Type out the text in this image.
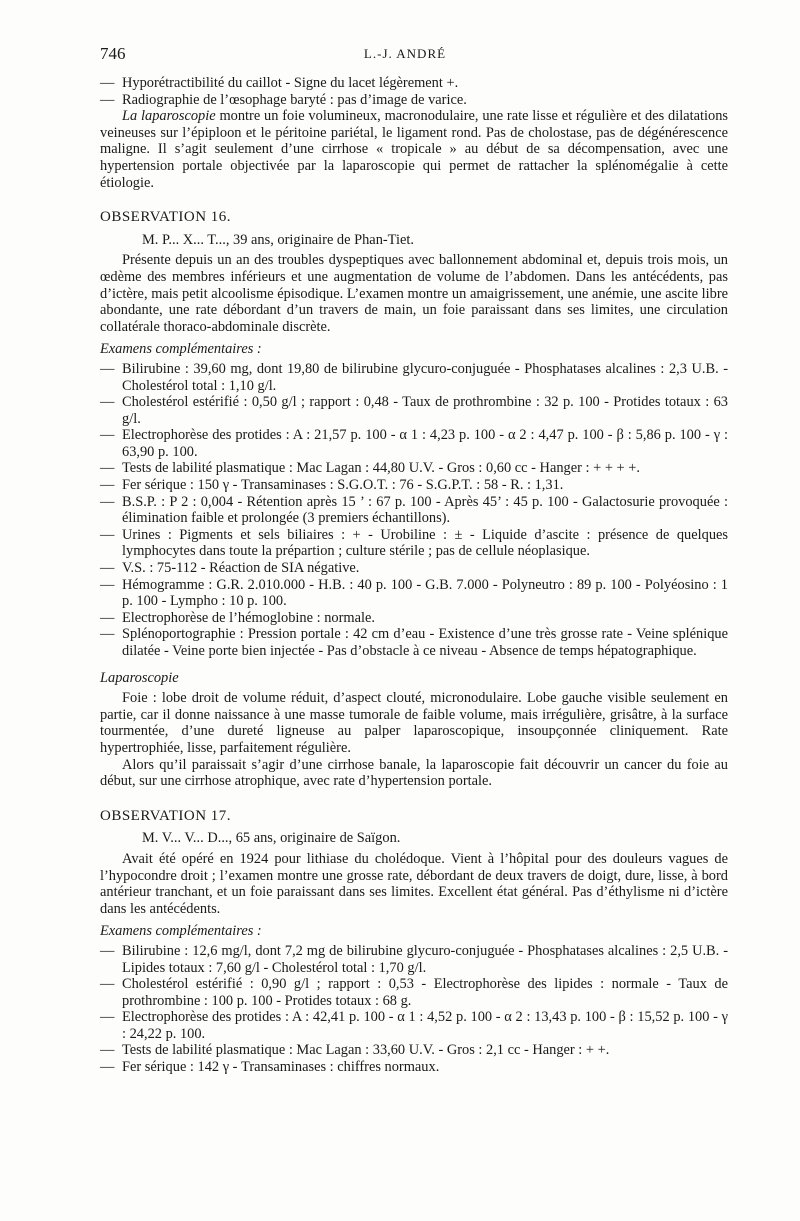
746	L.-J. ANDRÉ
— Hyporétractibilité du caillot - Signe du lacet légèrement +.
— Radiographie de l’œsophage baryté : pas d’image de varice.

La laparoscopie montre un foie volumineux, macronodulaire, une rate lisse et régulière et des dilatations veineuses sur l’épiploon et le péritoine pariétal, le ligament rond. Pas de cholostase, pas de dégénérescence maligne. Il s’agit seulement d’une cirrhose « tropicale » au début de sa décompensation, avec une hypertension portale objectivée par la laparoscopie qui permet de rattacher la splénomégalie à cette étiologie.

OBSERVATION 16.

M. P... X... T..., 39 ans, originaire de Phan-Tiet.

Présente depuis un an des troubles dyspeptiques avec ballonnement abdominal et, depuis trois mois, un œdème des membres inférieurs et une augmentation de volume de l’abdomen. Dans les antécédents, pas d’ictère, mais petit alcoolisme épisodique. L’examen montre un amaigrissement, une anémie, une ascite libre abondante, une rate débordant d’un travers de main, un foie paraissant dans ses limites, une circulation collatérale thoraco-abdominale discrète.

Examens complémentaires :

— Bilirubine : 39,60 mg, dont 19,80 de bilirubine glycuro-conjuguée - Phosphatases alcalines : 2,3 U.B. - Cholestérol total : 1,10 g/l.
— Cholestérol estérifié : 0,50 g/l ; rapport : 0,48 - Taux de prothrombine : 32 p. 100 - Protides totaux : 63 g/l.
— Electrophorèse des protides : A : 21,57 p. 100 - α 1 : 4,23 p. 100 - α 2 : 4,47 p. 100 - β : 5,86 p. 100 - γ : 63,90 p. 100.
— Tests de labilité plasmatique : Mac Lagan : 44,80 U.V. - Gros : 0,60 cc - Hanger : + + + +.
— Fer sérique : 150 γ - Transaminases : S.G.O.T. : 76 - S.G.P.T. : 58 - R. : 1,31.
— B.S.P. : P 2 : 0,004 - Rétention après 15 ’ : 67 p. 100 - Après 45’ : 45 p. 100 - Galactosurie provoquée : élimination faible et prolongée (3 premiers échantillons).
— Urines : Pigments et sels biliaires : + - Urobiline : ± - Liquide d’ascite : présence de quelques lymphocytes dans toute la prépartion ; culture stérile ; pas de cellule néoplasique.
— V.S. : 75-112 - Réaction de SIA négative.
— Hémogramme : G.R. 2.010.000 - H.B. : 40 p. 100 - G.B. 7.000 - Polyneutro : 89 p. 100 - Polyéosino : 1 p. 100 - Lympho : 10 p. 100.
— Electrophorèse de l’hémoglobine : normale.
— Splénoportographie : Pression portale : 42 cm d’eau - Existence d’une très grosse rate - Veine splénique dilatée - Veine porte bien injectée - Pas d’obstacle à ce niveau - Absence de temps hépatographique.

Laparoscopie

Foie : lobe droit de volume réduit, d’aspect clouté, micronodulaire. Lobe gauche visible seulement en partie, car il donne naissance à une masse tumorale de faible volume, mais irrégulière, grisâtre, à la surface tourmentée, d’une dureté ligneuse au palper laparoscopique, insoupçonnée cliniquement. Rate hypertrophiée, lisse, parfaitement régulière.

Alors qu’il paraissait s’agir d’une cirrhose banale, la laparoscopie fait découvrir un cancer du foie au début, sur une cirrhose atrophique, avec rate d’hypertension portale.

OBSERVATION 17.

M. V... V... D..., 65 ans, originaire de Saïgon.

Avait été opéré en 1924 pour lithiase du cholédoque. Vient à l’hôpital pour des douleurs vagues de l’hypocondre droit ; l’examen montre une grosse rate, débordant de deux travers de doigt, dure, lisse, à bord antérieur tranchant, et un foie paraissant dans ses limites. Excellent état général. Pas d’éthylisme ni d’ictère dans les antécédents.

Examens complémentaires :

— Bilirubine : 12,6 mg/l, dont 7,2 mg de bilirubine glycuro-conjuguée - Phosphatases alcalines : 2,5 U.B. - Lipides totaux : 7,60 g/l - Cholestérol total : 1,70 g/l.
— Cholestérol estérifié : 0,90 g/l ; rapport : 0,53 - Electrophorèse des lipides : normale - Taux de prothrombine : 100 p. 100 - Protides totaux : 68 g.
— Electrophorèse des protides : A : 42,41 p. 100 - α 1 : 4,52 p. 100 - α 2 : 13,43 p. 100 - β : 15,52 p. 100 - γ : 24,22 p. 100.
— Tests de labilité plasmatique : Mac Lagan : 33,60 U.V. - Gros : 2,1 cc - Hanger : + +.
— Fer sérique : 142 γ - Transaminases : chiffres normaux.
